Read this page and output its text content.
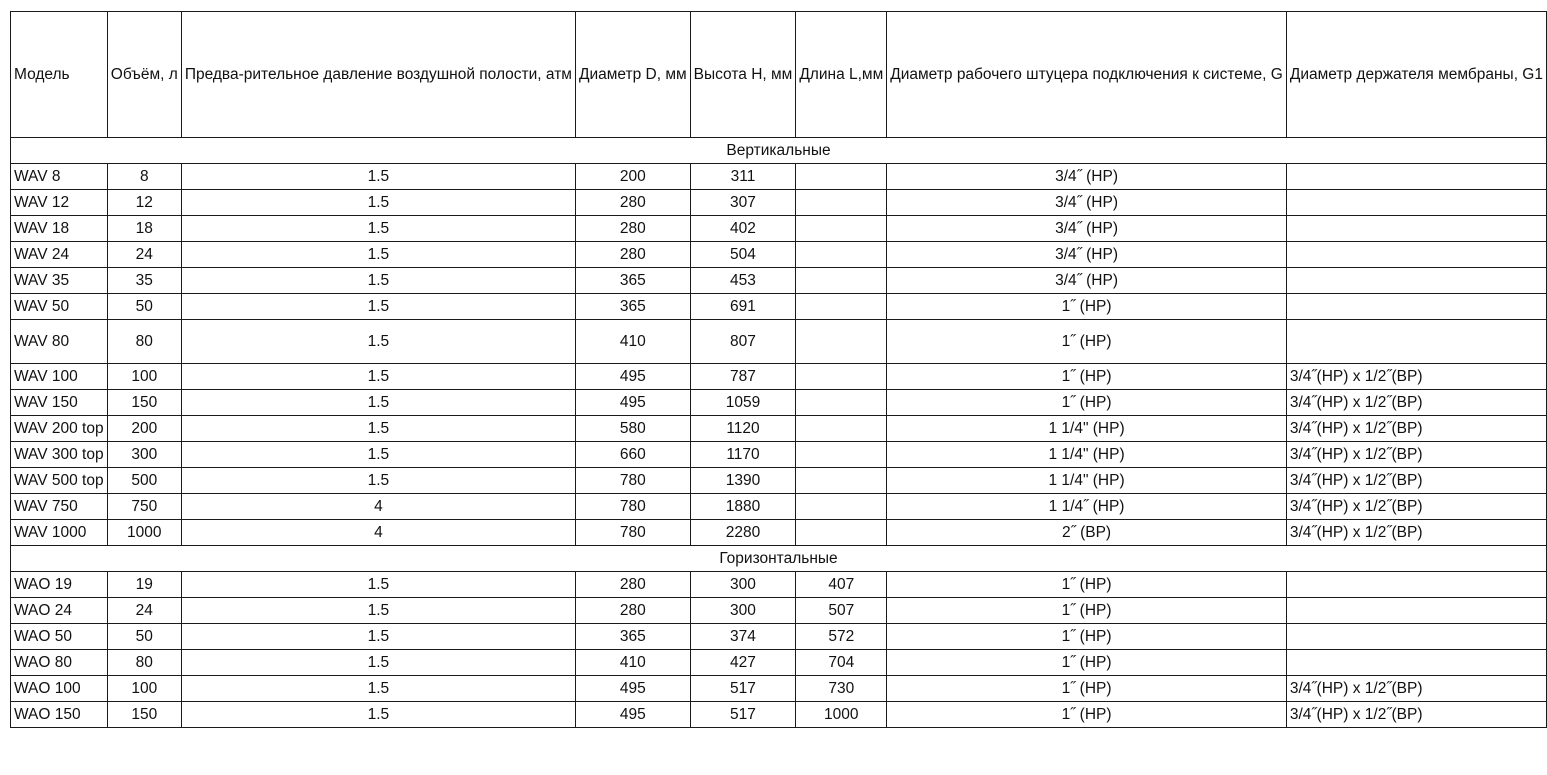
Модель	Объём, л	Предва-рительное давление воздушной полости, атм	Диаметр D, мм	Высота H, мм	Длина L,мм	Диаметр рабочего штуцера подключения к системе, G	Диаметр держателя мембраны, G1
Вертикальные							
WAV 8	8	1.5	200	311		3/4˝ (НР)	
WAV 12	12	1.5	280	307		3/4˝ (НР)	
WAV 18	18	1.5	280	402		3/4˝ (НР)	
WAV 24	24	1.5	280	504		3/4˝ (НР)	
WAV 35	35	1.5	365	453		3/4˝ (НР)	
WAV 50	50	1.5	365	691		1˝ (НР)	
WAV 80	80	1.5	410	807		1˝ (НР)	
WAV 100	100	1.5	495	787		1˝ (НР)	3/4˝(НР) x 1/2˝(ВР)
WAV 150	150	1.5	495	1059		1˝ (НР)	3/4˝(НР) x 1/2˝(ВР)
WAV 200 top	200	1.5	580	1120		1 1/4" (НР)	3/4˝(НР) x 1/2˝(ВР)
WAV 300 top	300	1.5	660	1170		1 1/4" (НР)	3/4˝(НР) x 1/2˝(ВР)
WAV 500 top	500	1.5	780	1390		1 1/4" (НР)	3/4˝(НР) x 1/2˝(ВР)
WAV 750	750	4	780	1880		1 1/4˝ (НР)	3/4˝(НР) x 1/2˝(ВР)
WAV 1000	1000	4	780	2280		2˝ (ВР)	3/4˝(НР) x 1/2˝(ВР)
Горизонтальные							
WAO 19	19	1.5	280	300	407	1˝ (НР)	
WAO 24	24	1.5	280	300	507	1˝ (НР)	
WAO 50	50	1.5	365	374	572	1˝ (НР)	
WAO 80	80	1.5	410	427	704	1˝ (НР)	
WAO 100	100	1.5	495	517	730	1˝ (НР)	3/4˝(НР) x 1/2˝(ВР)
WAO 150	150	1.5	495	517	1000	1˝ (НР)	3/4˝(НР) x 1/2˝(ВР)
